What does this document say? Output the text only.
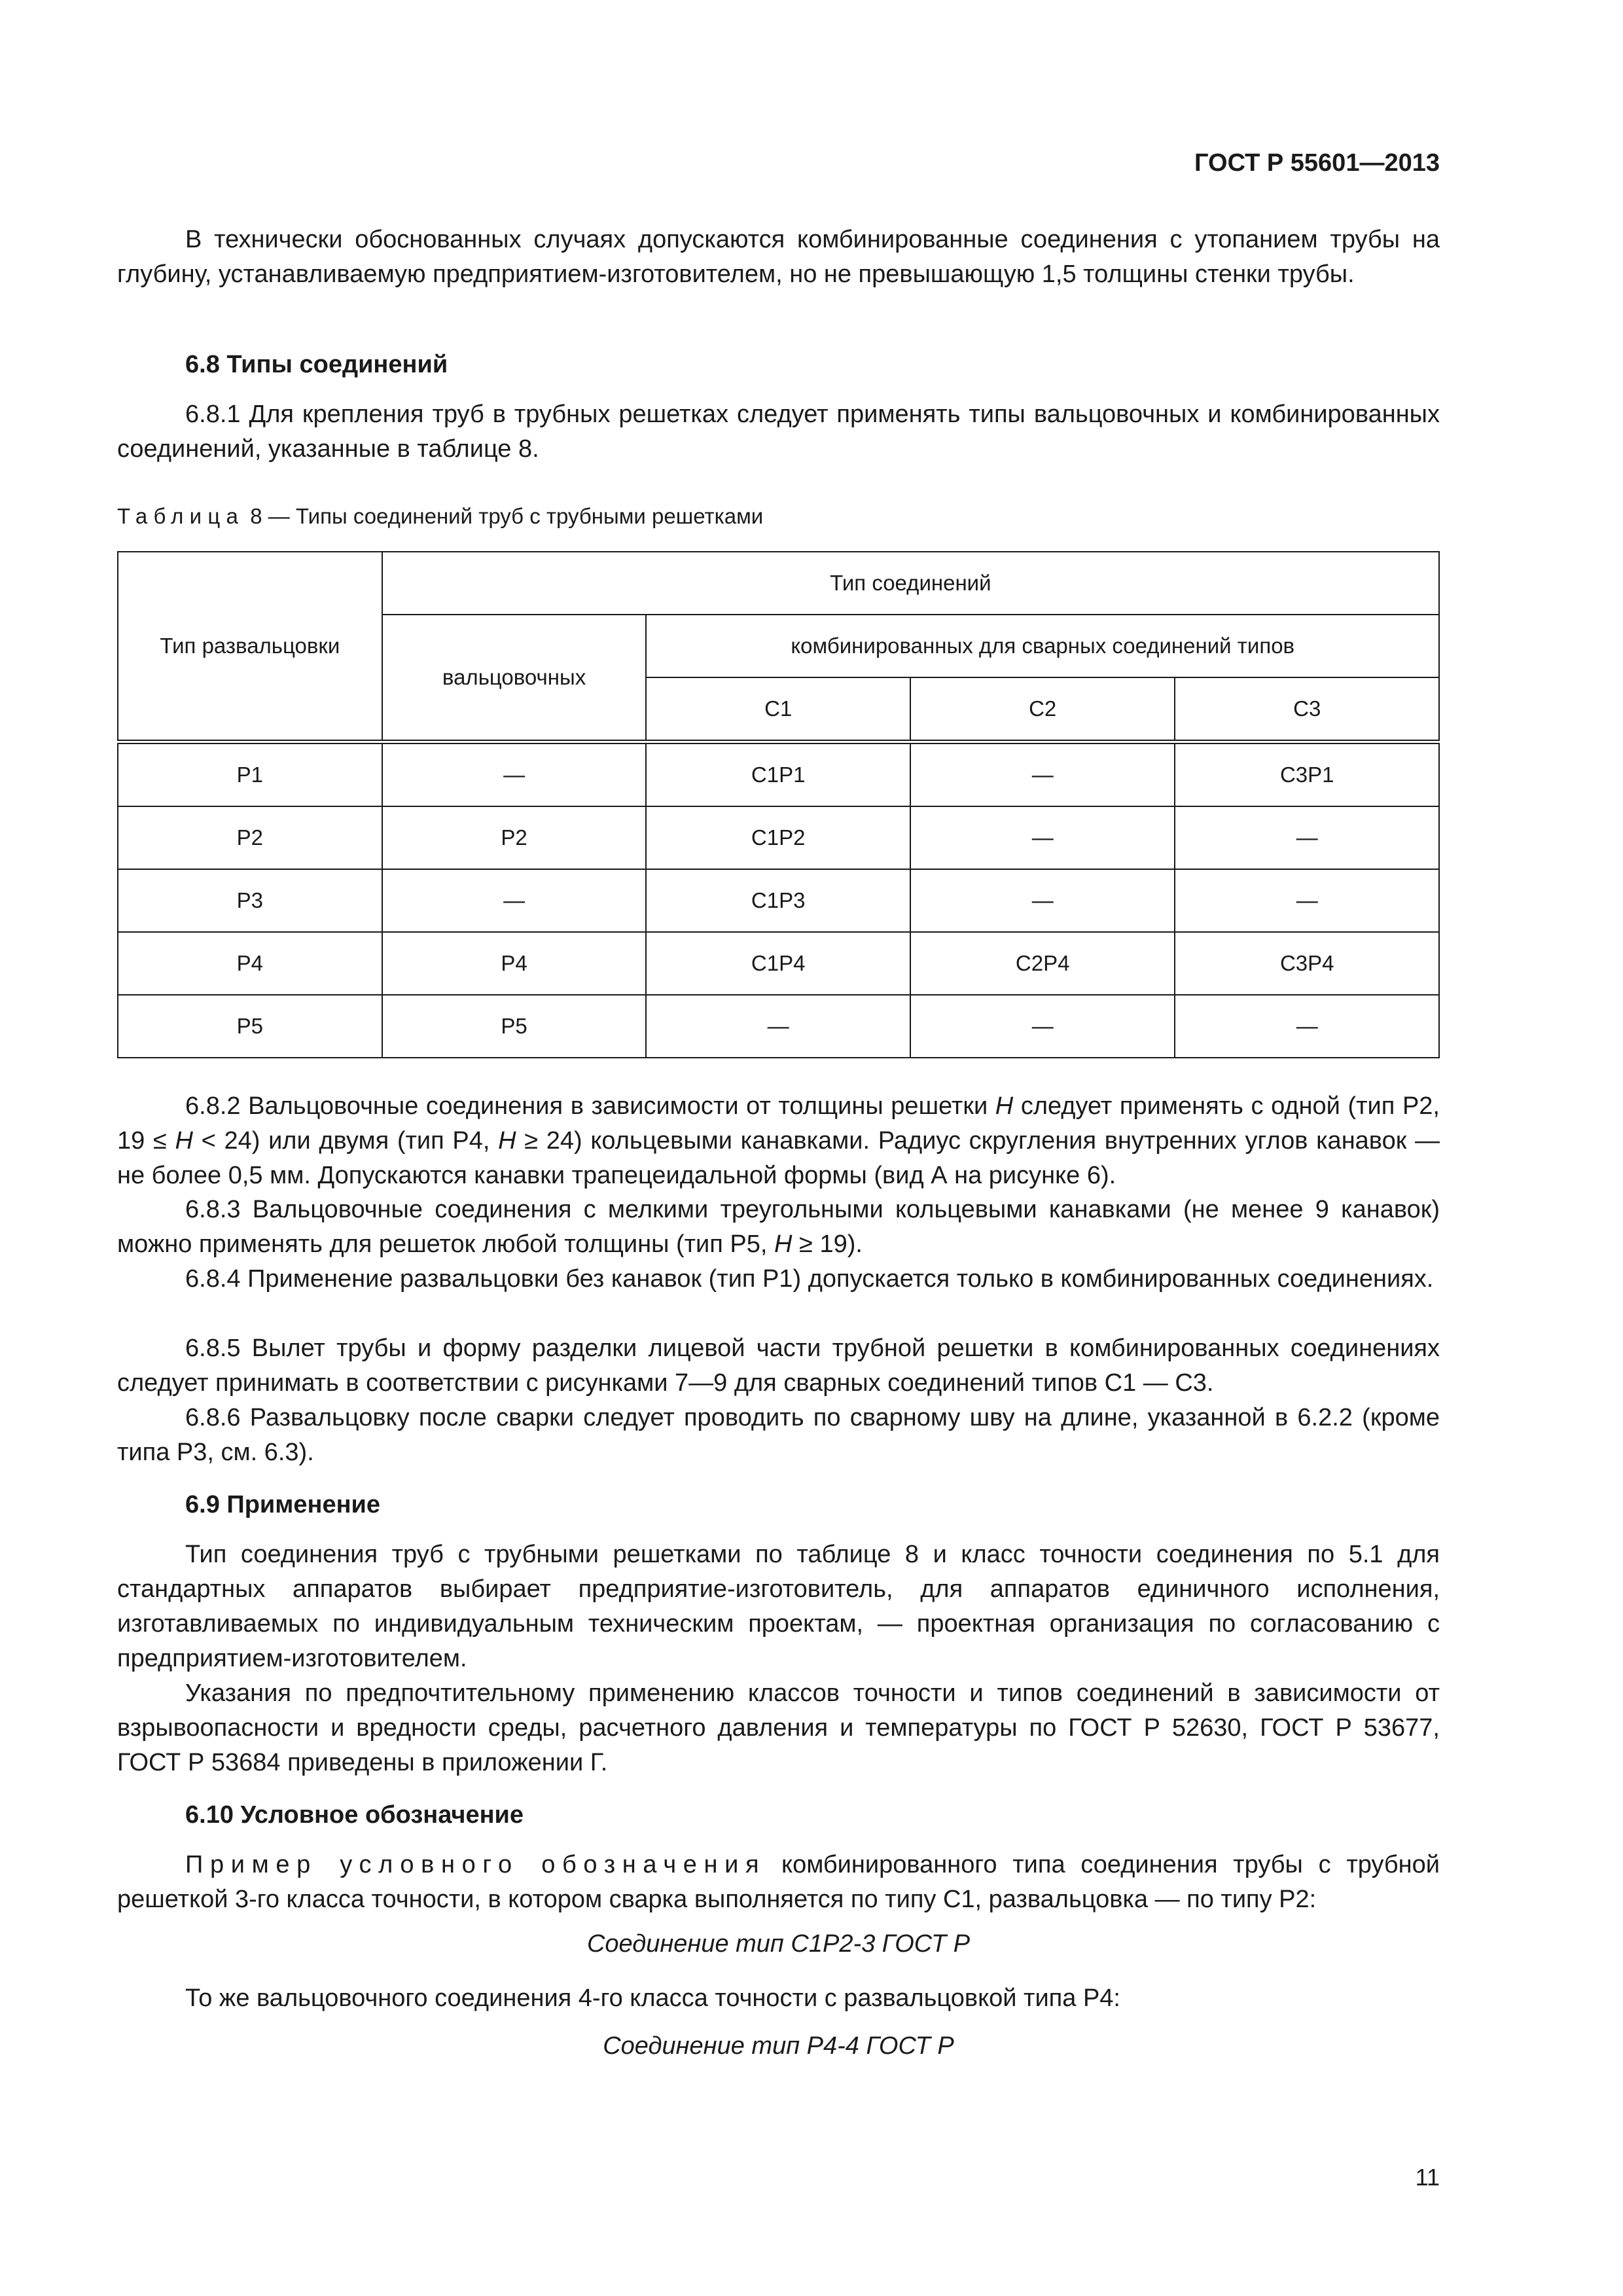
ГОСТ Р 55601—2013

В технически обоснованных случаях допускаются комбинированные соединения с утопанием трубы на глубину, устанавливаемую предприятием-изготовителем, но не превышающую 1,5 толщины стенки трубы.

6.8 Типы соединений

6.8.1 Для крепления труб в трубных решетках следует применять типы вальцовочных и комбинированных соединений, указанные в таблице 8.

Таблица 8 — Типы соединений труб с трубными решетками
Тип развальцовки	Тип соединений			
	вальцовочных	комбинированных для сварных соединений типов		
		С1	С2	С3
Р1	—	С1Р1	—	С3Р1
Р2	Р2	С1Р2	—	—
Р3	—	С1Р3	—	—
Р4	Р4	С1Р4	С2Р4	С3Р4
Р5	Р5	—	—	—

6.8.2 Вальцовочные соединения в зависимости от толщины решетки H следует применять с одной (тип Р2, 19 ≤ H < 24) или двумя (тип Р4, H ≥ 24) кольцевыми канавками. Радиус скругления внутренних углов канавок — не более 0,5 мм. Допускаются канавки трапецеидальной формы (вид А на рисунке 6).

6.8.3 Вальцовочные соединения с мелкими треугольными кольцевыми канавками (не менее 9 канавок) можно применять для решеток любой толщины (тип Р5, H ≥ 19).

6.8.4 Применение развальцовки без канавок (тип Р1) допускается только в комбинированных соединениях.

6.8.5 Вылет трубы и форму разделки лицевой части трубной решетки в комбинированных соединениях следует принимать в соответствии с рисунками 7—9 для сварных соединений типов С1 — С3.

6.8.6 Развальцовку после сварки следует проводить по сварному шву на длине, указанной в 6.2.2 (кроме типа Р3, см. 6.3).

6.9 Применение

Тип соединения труб с трубными решетками по таблице 8 и класс точности соединения по 5.1 для стандартных аппаратов выбирает предприятие-изготовитель, для аппаратов единичного исполнения, изготавливаемых по индивидуальным техническим проектам, — проектная организация по согласованию с предприятием-изготовителем.

Указания по предпочтительному применению классов точности и типов соединений в зависимости от взрывоопасности и вредности среды, расчетного давления и температуры по ГОСТ Р 52630, ГОСТ Р 53677, ГОСТ Р 53684 приведены в приложении Г.

6.10 Условное обозначение

Пример условного обозначения комбинированного типа соединения трубы с трубной решеткой 3-го класса точности, в котором сварка выполняется по типу С1, развальцовка — по типу Р2:

Соединение тип С1Р2-3 ГОСТ Р

То же вальцовочного соединения 4-го класса точности с развальцовкой типа Р4:

Соединение тип Р4-4 ГОСТ Р
11
